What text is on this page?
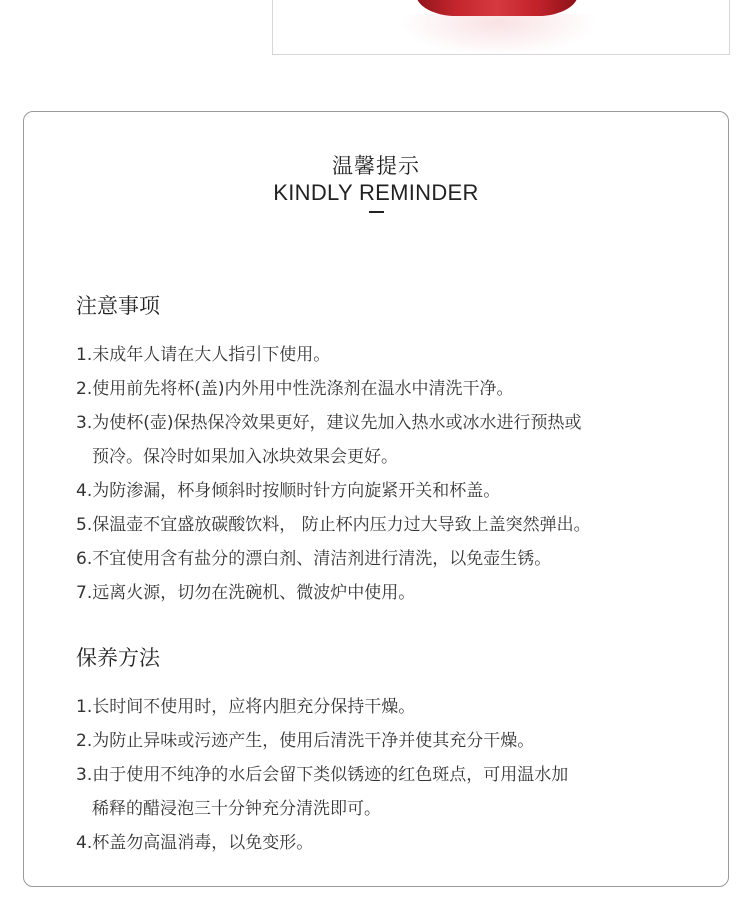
温馨提示
KINDLY REMINDER
注意事项
1.未成年人请在大人指引下使用。
2.使用前先将杯(盖)内外用中性洗涤剂在温水中清洗干净。
3.为使杯(壶)保热保冷效果更好，建议先加入热水或冰水进行预热或
预冷。保冷时如果加入冰块效果会更好。
4.为防渗漏，杯身倾斜时按顺时针方向旋紧开关和杯盖。
5.保温壶不宜盛放碳酸饮料， 防止杯内压力过大导致上盖突然弹出。
6.不宜使用含有盐分的漂白剂、清洁剂进行清洗，以免壶生锈。
7.远离火源，切勿在洗碗机、微波炉中使用。
保养方法
1.长时间不使用时，应将内胆充分保持干燥。
2.为防止异味或污迹产生，使用后清洗干净并使其充分干燥。
3.由于使用不纯净的水后会留下类似锈迹的红色斑点，可用温水加
稀释的醋浸泡三十分钟充分清洗即可。
4.杯盖勿高温消毒，以免变形。
